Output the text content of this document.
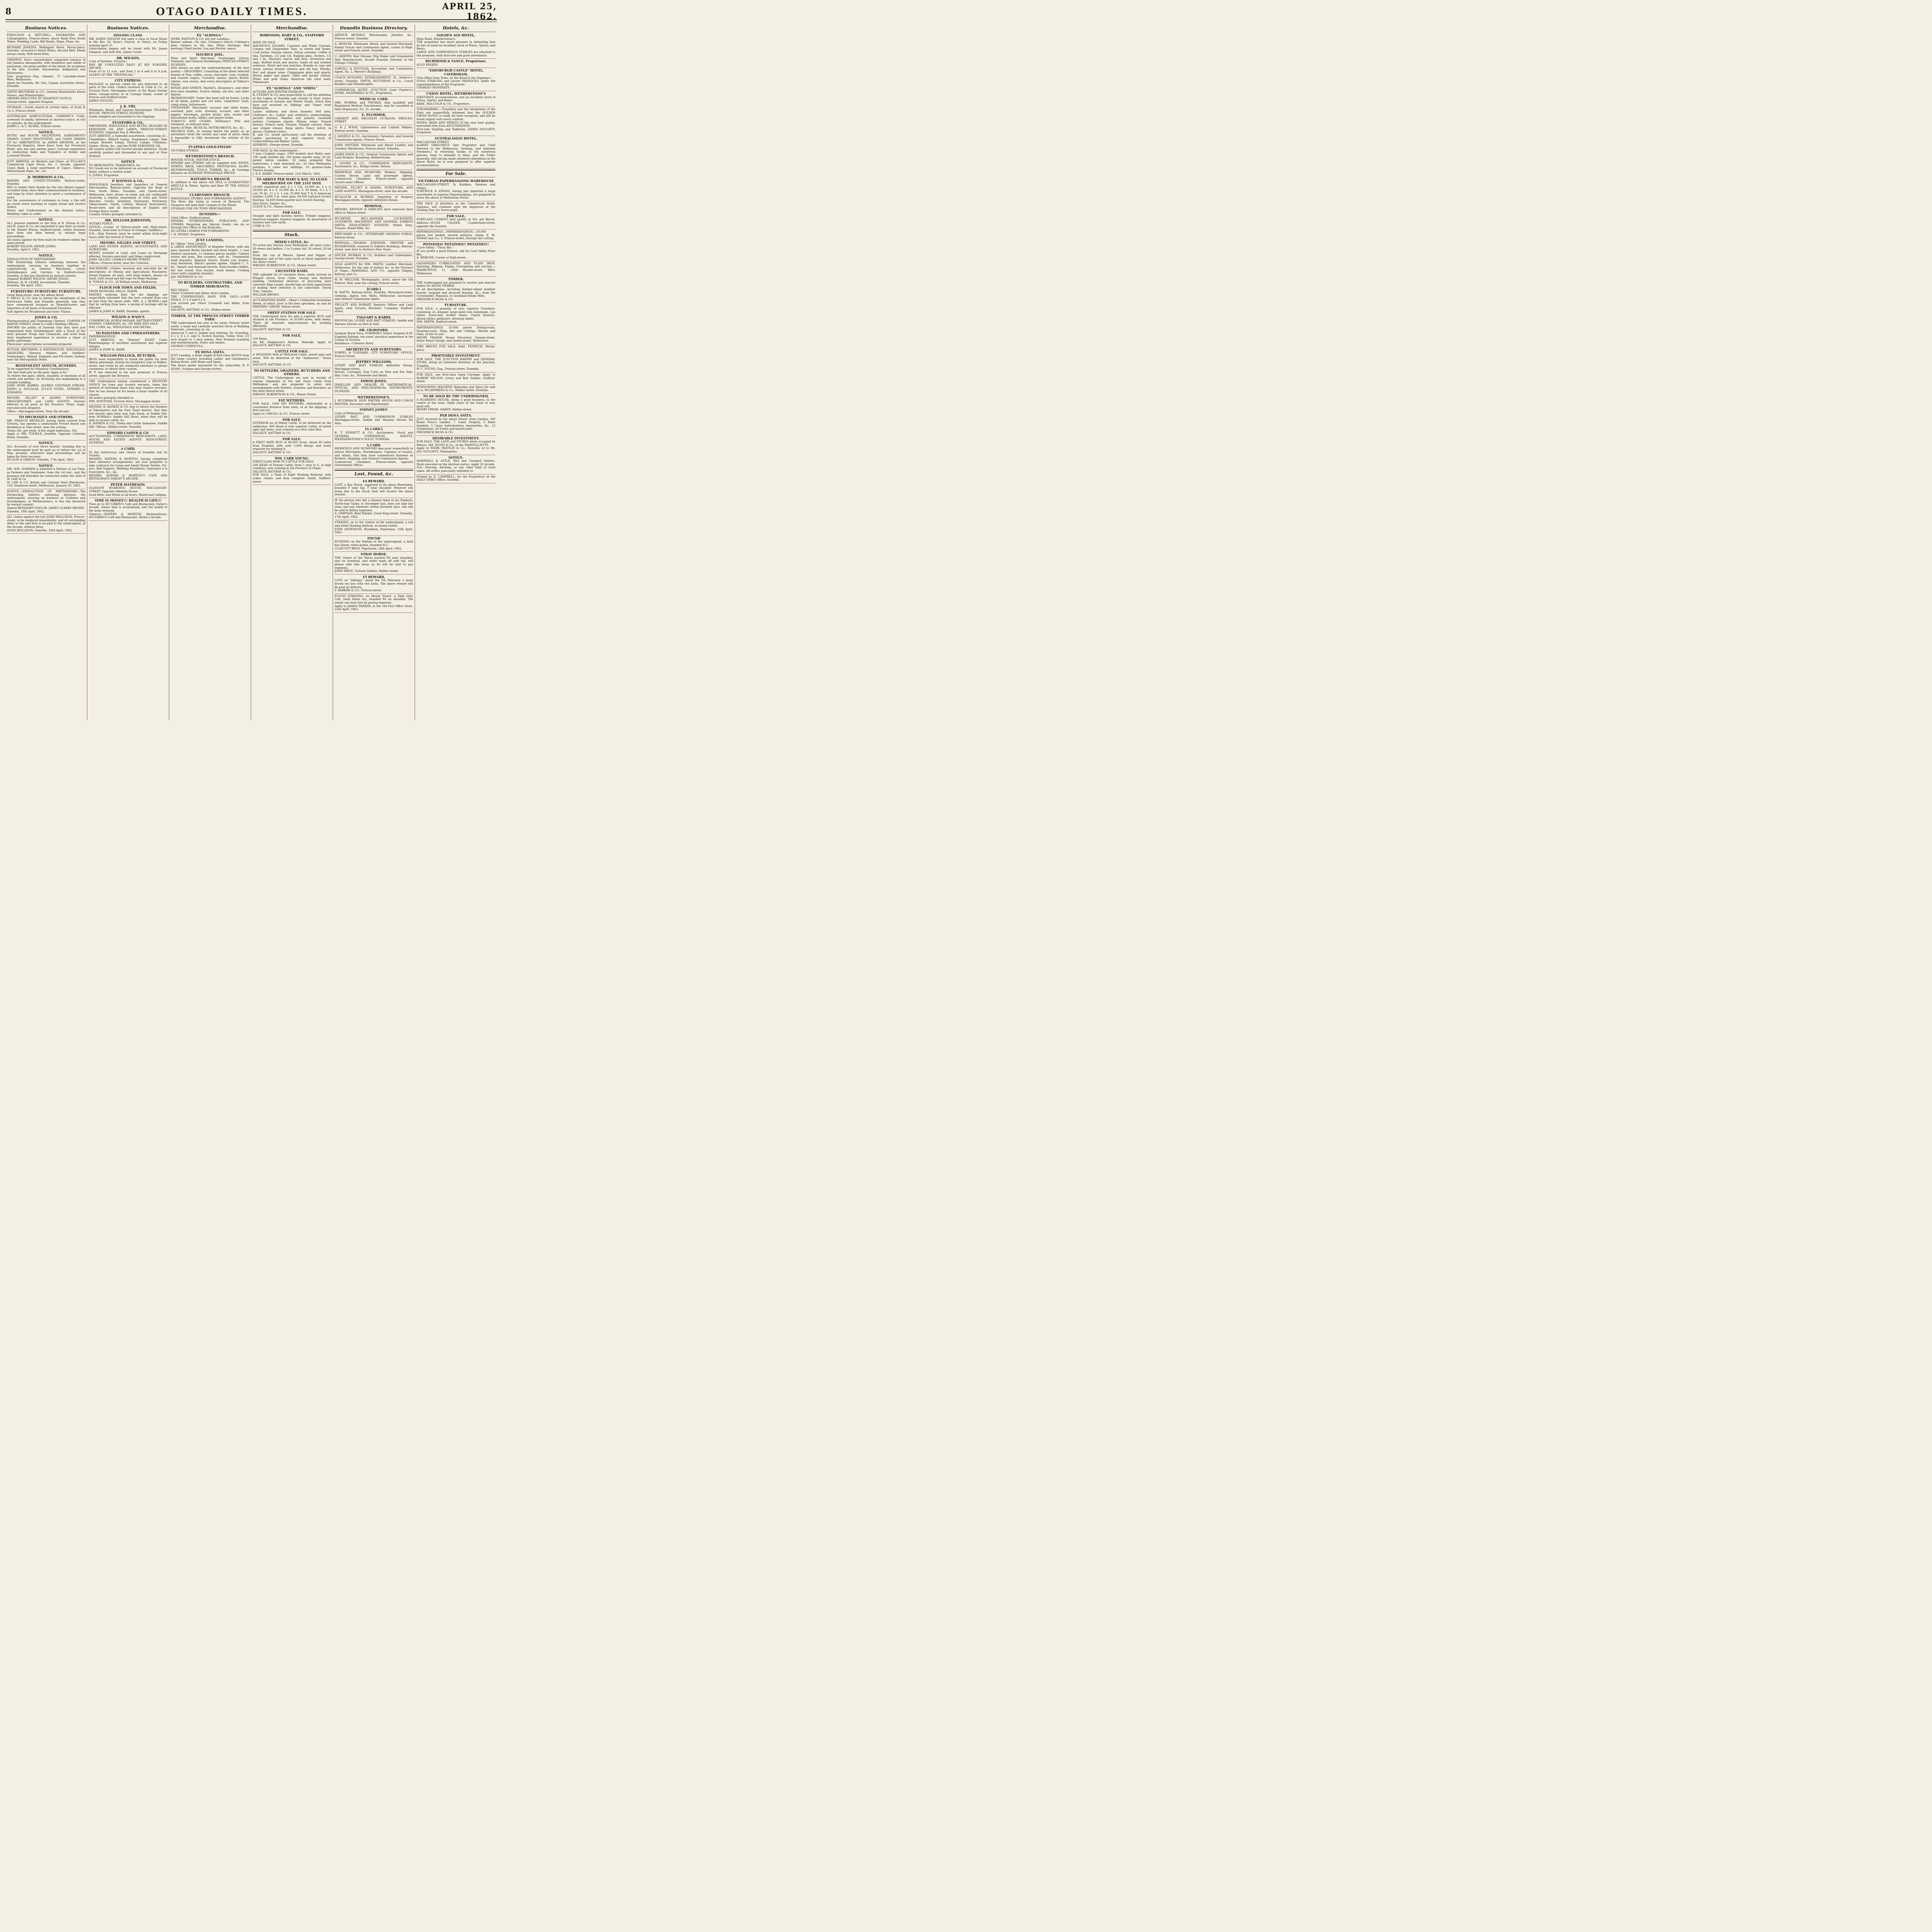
8	OTAGO DAILY TIMES.	APRIL 25, 1862.
Business Notices.

FERGUSON & MITCHELL, ENGRAVERS AND Lithographers, Princes-street, above Bank New South Wales. Wedding Cards, Bill Heads, Maps, Plans, &c.

RICHARD JENKINS, Wellington Hotel, Moray-place, Dunedin, Licensed to Retail Wines, Ale and Beer. Meals always ready. Well-aired Beds.

OBSERVE! Day's concentrated compound essence of red Jamaica sarsaparilla, with dandelion and iodide of potassium, the great purifier of the blood, for eruptions of the skin, scrofula, rheumatism, indigestion and biliousness.

Sole proprietor—Day, chemist, 27 Lonsdale-street West, Melbourne.

Agent for Dunedin, Mr. Geo. Caspar, Australian Stores, Dunedin.

SMITH BROTHERS & CO., General Blacksmiths Horse Shoers, and Wheelwrights.

ORDERS EXECUTED AT SHORTEST NOTICE.

George-street, opposite Hospital.

STORAGE.—Goods stored at current rates, at Scott & Co.'s, Princes-street.

AUSTRALIAN AGRICULTURAL COMPANY'S COAL, screened of smithy, delivered at shortest notice, in city or suburbs, by the undersigned.

JAMES L. & C. BURKE, Princes-street.

NOTICE.

HOTEL and HOUSE VALUATIONS, AGREEMENTS DRAWN, LOANS NEGOTIATED, and CASES DRAWN UP for ARBITRATION, by JAMES BROWNE, at the Provincial Registry, three doors from the Provincial Hotel, who has had sixteen years' Colonial experience in conducting Sales and Transfers of Hotels and Licensed Houses.

JUST ARRIVED, ex Western and Omeo, at FULLAN'S Commercial Cigar Divan, No. 1, Arcade, opposite Union Bank, a large assortment of Cigars, Tobacco, Meerschaum Pipes, &c., &c.

D. MORRISON & CO.,

BAKERS AND CONFECTIONERS, Rattray-street, Dunedin.

BEG to tender their thanks for the very liberal support accorded them since their commencement in business, and hope by strict attention to merit a continuance of same.

For the convenience of customers in town, a Van will go round every morning to supply bread and receive orders.

Pastry and Confectionery on the shortest notice. Wedding Cakes to order.

NOTICE.

ALL persons indebted to the firm of R. Wilson & Co. and H. Jones & Co. are requested to pay their accounts to Mr. Robert Wilson, Stafford-street, within fourteen days from this date hereof, to obviate legal proceedings.

All claims against the firm must be rendered within the same period.

ROBERT WILSON. HENRY JONES.

Dunedin, April 9, 1862.

NOTICE.

DISSOLUTION OF PARTNERSHIP.

THE Partnership hitherto subsisting between the undersigned, carrying on business together in copartnership as General Merchants, Livery Stablekeepers and Carriers, in Stafford-street, Dunedin, is this day dissolved by mutual consent.

(Signed) ROBERT WILSON. HENRY JONES.

Witness—R. H. LEARY, Accountant, Dunedin.

Dunedin, 9th April, 1862.

FURNITURE! FURNITURE! FURNITURE.

Great King-street, near the Albion Hotel.

F. KRULL & CO. beg to inform the inhabitants of the North-east Valley and Dunedin generally, that they have commenced business as Manufacturers and Importers of all kinds of Household Furniture.

Sole Agents for Broadwood and Sons' Pianos.

JONES & CO,

Pharmaceutical and Dispensing Chemist, CORNER OF MANSE-STREET, (Next to Cobb's Booking Offices).

INFORM the public of Dunedin that they have just replenished their Establishment with a Stock of the most genuine Drugs and Chemicals, and trust from their lengthened experience to receive a share of public patronage.

Physicians' prescriptions accurately prepared.

BUTLER, BROTHERS, & WHITEHOUSE, WHOLESALE SADDLERS, Harness Makers and Saddlers' Ironmongers. Walsall, England; and Flit-street, Sydney, near the Metropolitan Hotel.

BENEVOLENT ASYLUM, DUNEDIN.

To be supported by Voluntary Contributions.

"He that hath pity on the poor, lappy is he."

To relieve the aged, infirm, disabled, or destitute of all creeds and nations, by receiving and maintaining in a suitable building.

JOHN HYDE HARRIS. ALFRED CHETHAM STRODE. JAMES A. DOUGLAS. JULIUS VOGEL. EDWARD G. EDWARDS.

MESSRS. PILLIET & ADAMS, SURVEYORS, DRAUGHTSMEN, and LAND AGENTS. Surveys effected in all parts of the Province. Plans, maps, executed with despatch.

Office:—Maclaggan-street, Near the Arcade.

TO MECHANICS AND OTHERS.

MR. FRANCIS BROMLEY, having lately arrived from Victoria, has opened a comfortable Private Board and Residence in Vine-street, near the cutting.

Terms 30s. per week. A few single bedrooms, 35s.

Apply to MR. TOFIELD, Jeweller, Opposite Criterion Hotel, Dunedin.

NOTICE.

ALL Accounts of over three months' standing due to the undersigned must be paid on or before the 1st of May, proximo, otherwise legal proceedings will be taken for their recovery.

M'LEOD & GIBSON. Dunedin, 17th April, 1862.

NOTICE.

MR. WM. SOMNER is admitted a Partner of our Firm, as Farmers and Seedsmen, from the 1st inst., and the business will hereafter be conducted under the style of W. LAW & Co.

W. LAW & CO. British and Colonial Seed Warehouse, 158, Swanston-street, Melbourne. January 20, 1862.

NOTICE.—DISSOLUTION OF PARTNERSHIP.—The Partnership hitherto subsisting between the undersigned, carrying on business as Clothiers and Storekeepers, at Wetherstone's, is this day dissolved by mutual consent.

Signed BENJAMIN NAYLOR. JAMES CLARKE BROWN.

Dunedin, 18th April, 1862.

ALL claims against the late JOHN MOLLISON, Princes-street, to be rendered immediately; and all outstanding debts to the said firm to be paid to the undersigned, at the Arcade, without delay.

ANNE MOLLISON. Dunedin, 23rd April, 1862.

Business Notices.

SINGING CLASS.

MR. JAMES OSGOOD will open a class in Vocal Music in the Rev. Dr. Burn's Church, or Vestry, on Friday evening April 25.

Subscription papers will be found with Mr. James Simpson, and with Wm. James Currie.

DR. WILSON,

(Late of Kyneton, Victoria,)

MAY BE CONSULTED DAILY AT HIS SURGERY, ARCADE,

From 10 to 12 a.m., and from 2 to 4 and 6 to 8 p.m. SLEEPS AT THE "PROVINCIAL."

CITY EXPRESS.

BAGGAGE or parcels called for and delivered to all parts of the town. Orders received at Cobb & Co., at Victoria Store, Maclaggan-street; at the Royal George Hotel, George-street; or at Cartage Stand, corner of Princes and Stafford-street.

JAMES OSGOOD.

J. K. FRY,

Wholesale, Retail, and General Storekeeper, TELEPKA HOUSE, PRINCES STREET, DUNEDIN.

Goods weighed and forwarded to the Diggings.

STANFORD & CO.,

IMPORTERS, WHOLESALE AND RETAIL DEALERS IN KEROSENE OIL AND LAMPS, PRINCES-STREET, DUNEDIN, (Opposite Day & Mieville.)

JUST ARRIVED, a Splendid Assortment, consisting of—Chandeliers, Billiard Lamps, Suspension Lamps, Side Lamps, Bracket Lamps, Parlour Lamps; Chimneys, Globes, Wicks, &c.; and the PURE KEROSENE OIL.

All country orders will receive prompt attention. Goods carefully packed and forwarded to any part of New Zealand.

NOTICE

TO MERCHANTS, TRADESMEN, &c.

NO Goods are to be delivered on account of Provincial Hotel, without a written order.

S. JONES, Proprietor.

P. HAYMAN & CO.,

WHOLESALE Jewellers and Importers of General Merchandise, Rattray-street; Opposite the Bank of New South Wales, Dunedin; and Queen-street, Melbourne, have always on hand, and are continually receiving a regular assortment of Gold and Silver Watches, Clocks, Jewellery, Stationery, Perfumery, Tobacconists' Goods, Cutlery, Musical Instruments, Brush-ware, and all descriptions of English and Foreign Fancy Goods.

Country Orders promptly attended to.

MR. WILLIAM JOHNSTON,

NOTARY PUBLIC.

OFFICE:—Corner of Princes-street and High-street, Dunedin, (next door to Fraser & Granger, Saddlers.)

N.B.—Ship Protests must be noted within forty-eight hours after the Arrival of Vessel.

MESSRS. GILLIES AND STREET,

LAND AND ESTATE AGENTS, ACCOUNTANTS, AND SURVEYORS.

MONEY invested in Land, and Loans on Mortgage effected, Surveys executed, and Maps constructed.

JOHN GILLIES. CHARLES HENRY STREET.

Offices—Princes-street, near the Criterion.

MACHINERY.—Orders received and executed for all descriptions of Mining and Agricultural Machinery, Steam Engines, all sizes, with large boilers, always on hand, with round and flat rope for Rope Haulage.

R. TOWNS & CO., 26 William-street, Melbourne.

FLOUR FOR TOWN AND FIELDS,

FROM MOSSGIEL MILLS, TAIERI.

PARTIES ordering flour for the diggings are respectfully informed that the best colonial flour can be had from the above mills, (MR. A. J. BURNS,) and that by carting from here, a saving of carriage will be effected.

JAMES & JOHN H. BARR, Dunedin, agents.

WILSON & WAIN'S

COMMERCIAL HORSE BAZAAR, RATTRAY-STREET.

HORSES, CARRIAGES, &c. ON HIRE AND SALE.

HAY, CORN, &c. WHOLESALE AND RETAIL.

TO PAINTERS AND UPHOLSTERERS.

PAPERHANGINGS.

JUST ARRIVED, ex "Simoon" EIGHT Cases Paperhangings of excellent assortment and superior designs.

JAMES & JOHN H. BARR.

WILLIAM POLLOCK, BUTCHER,

BEGS most respectfully to thank the public for their liberal patronage, during his temporary stay in Walker-street, and trusts by his continued exertions to please customers, to obtain their custom.

W. P. has removed to his new premises in Princes street, opposite the Brewery.

THE Undersigned having commenced a REGISTRY OFFICE for town and country servants, takes this method of informing those who may require servants, that he has always on his books a large number of all classes.

All orders promptly attended to.

WM. M'INTOSH, Victoria Store, Maclaggan-street.

MESSRS. R. RANKIN & CO. beg to inform the Farmers of Tokomairiro and the East Taieri district, that they will shortly open their new Sale Yards, at Saddle Hill, near M'Millan's Saddle Hill Hotel, when they will be able to receive cattle, &c.

R. RANKIN & CO., Sheep and Cattle Salesmen, Saddle Hill. Offices—Walker-street, Dunedin.

EDWARD CASPER & CO.

AUCTIONEERS, COMMISSION MERCHANTS, LAND, HOUSE AND ESTATE AGENTS, HIGH-STREET, DUNEDIN.

A CARD.

To the Aristocracy and Gentry of Dunedin and its Vicinity.

MESSRS. WATERS & MORTON, having completed their extensive arrangements, are now prepared to take contracts for Large and Small Dinner Parties, Pic-nics, Ball Suppers, Wedding Breakfasts, Dejeuners a la Fourchette, &c., &c.

MESSRS. WATERS & MORTON'S CAFE AND RESTAURANT, FARLEY'S ARCADE.

PETER MATHESON,

GLASGOW BOARDING HOUSE, MACLAGGAN-STREET, Opposite Abbeleix House.

Good Beds, and Meals at all hours. Board and Lodging.

TIME IS MONEY!!! HEALTH IS LIFE!!!

Then go to M'CUBBIN'S Cafe and Restaurant, Farley's Arcade, where time is economised, and the health of the body restored.

Observe:—WATERS & MORTON, Restaurateurs, M'CUBBIN'S Cafe and Restaurant, Farley's Arcade.

Merchandise.

EX "ALDINGA."

WEBB, PANTLIN & CO. are just Landing—

Baines' salmon, 1lb. tins; Coleman's starch; Coleman's blue; Oysters in 1lb. tins; White Herrings; Red herrings; Pearl barley; Lea and Perrins' sauce.

MAURICE JOEL,

Wine and Spirit Merchant, Ironmonger, Grocer, Stationer, and General Storekeeper, PRINCES-STREET, DUNEDIN,

HAS always on sale the undermentioned, of the best quality:—GROCERIES. Consisting of the finest selected brands of Teas, coffee, cocoa, chocolate, Loaf, crushed, and counter sugars, Currants, raisins, spices, Butter, cheese, wax vestas, And every description of Oilmen's Stores.

WINES AND SPIRITS. Martell's, Hennessy's, and other first-class brandies, Scotch whisky, old tom, and other liquors.

IRONMONGERY. Under this head will be found—Locks of all kinds, patent and cut nails, carpenters' tools, camp ovens, hollowware.

STATIONERY. Merchants' account and other books, overland, post, note, drawing, account, and other papers; Envelopes, pocket books, also, novels and educational works, bibles, and prayer books.

TOBACCO AND CIGARS, Holloway's Pills and Ointment, at reduced rates.

Spirits of Wine. MUSICAL INSTRUMENTS, &c., &c.

MAURICE JOEL, in coming before the public as an advertiser—from the variety and value of stock—finds it impossible to fully enumerate the articles of his Stock.

TUAPEKA GOLD-FIELDS'

VICTORIA STORES.

WETHERSTONE'S BRANCH.

WINTER STOCK. WINTER STOCK.

MINERS and OTHERS will be supplied with WINES, SPIRITS, BEER, GROCERIES, PROVISIONS, SLOPS, IRONMONGERY, TOOLS, TIMBER, &c., At Carriage Advance on DUNEDIN WHOLESALE PRICES.

WAITAHUNA BRANCH

In addition to the above will SELL A GUARANTEED ARTICLE In Wines, Spirits and Beer BY THE SINGLE BOTTLE.

CLARENDON BRANCH.

WHOLESALE STORES AND FORWARDING AGENCY.

The River Bar being in course of Removal, The Steamers will land their Cargoes at the Wharf.

STORAGE FOR 500 TONS MERCHANDISE.

DUNEDIN:—

Chief Office, Stafford-street.

MINERS, STOREKEEPERS, PUBLICANS, AND OTHERS, Requiring any Special Goods, can do so through this Office or the Branches.

NO EXTRA CHARGE FOR FORWARDING

I. H. MOSES, Proprietor.

JUST LANDING,

Ex "Akbar," from London.

A LARGE ASSORTMENT of Register Stoves, with ash pans (ground Berlin blacked and bead bright). 1 case fenders (assorted), 12 chimney pieces (inside), Cabinet stoves and pans, Box scrapers, wall do., Ornamental shelf brackets, Register trivets, Patent cart bushes, long feathered, Black's garden spades, English C. S. do., Square and diamond shovels, Rust-wooden riddles, flat and round, Iron bucket, wash basins, Cooking stove (with complete utensils).

JAS. PATERSON & CO.

TO BUILDERS, CONTRACTORS, AND TIMBER MERCHANTS.

RED DEALS.

Oliver Cromwell and Akbar, from London.

THE UNDERSIGNED HAVE FOR SALE:—6,000 DEALS, 11 x 3 and 9 x 3,

Just arrived per Oliver Cromwell and Akbar, from London.

DALGETY, RATTRAY, & CO., Walker-street.

TIMBER, AT THE PRINCES STREET TIMBER YARD.

THE undersigned has now in his yards, Princes street south, a large and carefully assorted Stock of Building Materials, consisting of, viz.,

American T. and G. lumber and shelving. Do. Scantling, 4 x 2, 6 x 2, and G. Scotch flooring. Cedar, from 1/2 inch boards to 3 inch planks. New Zealand scantling and weatherboards. Doors and sashes.

GEORGE O'DRISCOLL.

EX DONA ANITA.

JUST Landing, a large supply of first-class BOOTS from the home country, including Ladies' and Gentlemen's Riding Boots, with Boxes and Spats.

The above goods warranted by the subscriber, R. P. ADAM, Octagon and George-streets.

Merchandise.

ROBINSON, HART & CO., STAFFORD STREET,

HAVE ON SALE,

MAURITIUS SUGARS, Counters and White Crystals, Congou and Gunpowder Teas, in chests and boxes; Cork butter, Dunlop cheese, Patras currants, Coffee in tins, Sardines, 1/2 and 1/4, English jams, Oysters, 1/2 and 1 lb., Mustard, starch, and blue, Arrowroot and sago, Bottled fruits and sauces, Salad oil and scented essences, Wood and wax matches, Brandy in case and wood, various brands; Geneva and old tom; Whisky; Port and ginger wine; Champagne pints and quarts; Brown paper and paper; Table and pocket cutlery; White and gold china; American tail clout nails; Platedware.

EX "ALDINGA" AND "OMEO."

AUTUMN AND WINTER FASHIONS.

B. UTEMPT & CO. beg respectfully to call the attention of the Ladies of Dunedin and vicinity to their choice assortment of Autumn and Winter Goods, which they have just received ex 'Aldinga' and 'Omeo' from Melbourne.

Ladies' millinery and straw bonnets; Felt hats; Children's do.; Ladies' and children's underclothing; Jaconet dresses; Mantles and jackets; Garibaldi jackets; Cashmere shawls; Winsey robes; French merino; French twill; Flannel, Flannel colours; Plain and striped winsey; Repp skirts; Fancy velvet, in pieces; Children's bows.

B. and Co. would particularly call the attention of Ladies purchasing to their superior stock of Underclothing and Babies' Linen.

ADDRESS—George-street, Dunedin.

FOR SALE, by the undersigned:—

5 tons Coalpots sugar; 1000 bushels best Baltic oats; 100 casks bottled ale; 100 boxes marble soap; 50 do. patent tallow candles; 20 bales prepared flax mattresses; 1 bale seasoned do.; 20 tons Wellington potatoes; 6 cases ten shillings; 10 quarter-casks Otard's brandy.

J. & E. BAIRD, Princes-street. 21st March, 1862.

TO ARRIVE PER MARY & RAY, TO LEAVE MELBOURNE ON THE 21ST INST.

10,000 superficial feet 4 x 1 1/4; 10,000 do. 4 x 3; 20,000 do. 4 x 3; 10,000 do. 4 x 3; 50 deals, 9 x 3, 1 cut; 50 do. 11 x 3, 1 cut; 55,000 feet T & G American lumber; 4,000 3 in. clear pine; 66,000 half-inch Scotch flooring; 54,000 three-quarter inch Scotch flooring.

Also Doors, Sashes, &c.

CLEVE & CO., Manse-street.

FOR SALE.

Draught and light harness horses; Freight waggons; American buggies; Express waggons; An assortment of harness and corn sacks.

COBB & CO.

Stock.

MIXED CATTLE, &c.

TO arrive per Yarrow, from Wellington—40 dairy cows; 30 steers and heifers, 1 to 3 years old; 30 calves; 20 fat pigs.

From the run of Messrs. Speed and Higgie, of Wanganui, and of the same stock as those imported in the above vessel.

WRIGHT, ROBERTSON, & CO., Manse-street.

LIECESTER RAMS.

THE splendid lot of Liecester Ewes, lately arrived ex Winged Arrow, from Clyde, having now finished lambing, Gentlemen desirous of procuring pure Liecester Ram Lambs, should take an early opportunity of making their selection to the subscriber, Totora Tree, Oamaru.

WILLIAM BROWN.

ACCLIMATISED RAMS.—Shaw's Celebrated Australian Breed, of which 'Jove' is the best specimen, on sale by FREDERIC GREER, Manse street.

SHEEP STATION FOR SALE.

THE Undersigned have for sale a superior RUN well situated in the Province, of 20,000 acres, with sheep. There all requisite improvements for working efficiently.

DALGETY, RATTRAY & CO.

FOR SALE,

100 Rams.

On Mr. Hopkinson's Station, Moeraki. Apply to DALGETY, RATTRAY & CO.

CATTLE FOR SALE.

A SPLENDID Mob of Well-bred Cattle, mixed ages and sexes. Will be delivered at the "Ashburton." Terms easy.

DALGETY, RATTRAY, & CO.

TO SETTLERS, GRAZIERS, BUTCHERS AND OTHERS.

CATTLE. The Undersigned are now in receipt of regular shipments of Fat and Store Cattle from Wellington, and are prepared to enter into arrangements with Settlers, Graziers, and Butchers, on the most liberal terms.

WRIGHT, ROBERTSON & CO., Manse Street.

FAT WETHERS.

FOR SALE, 1000 FAT WETHERS, deliverable at a convenient distance from town, or at the diggings. A first-rate lot.

Apply to CARGILL & CO., Princes street.

FOR SALE.

SUPERIOR lot of Mixed Cattle, to be delivered on the Ashburton. 800 Head of very superior Cattle, of mixed ages and sexes, now running on a first class Run.

DALGETY, RATTRAY & CO.

FOR SALE.

A FIRST RATE RUN of 40,000 Acres, about 60 miles from Dunedin, with over 5,000 Sheep; and every requisite for working it.

DALGETY, RATTRAY & CO.

WM. CARR YOUNG.

FIRST-CLASS MOB OF CATTLE FOR SALE.

200 HEAD of Female Cattle, from 1 year to 6, in high condition, now running in the Province of Otago.

DALGETY, RATTRAY & CO.

FOR SALE, a Team of Eight Working Bullocks, with yokes, chains, and dray complete. Smith, Stafford-street.

Dunedin Business Directory.

ARTHUR BEVERLY, Watchmaker, Jeweller, &c., Princes-street, Dunedin.

A. MERCER, Wholesale, Retail, and General Merchant, Family Grocer and Commission Agent, corner of High-street and Princes street, Dunedin.

C. GRIFFIN, Hair Dresser, Wig Maker and Ornamental Hair Manufacturer, Arcade Dunedin (Seventy of the Vintage Cutting).

CARGILL & DOUGLAS, Accountant and Commission Agent, No. 2, Mercer's Buildings.

COACH BUILDING ESTABLISHMENT, St. Andrew's-street, Dunedin. SMITH, HUTCHENS & Co., Coach Builders and Wheelwrights.

COMMERCIAL HOTEL, JUNCTION, (Late Charlie's.) HOME, WEATHERLY & CO., Proprietors.

MEDICAL CARD.

DRS. WORRAL and THOMAS, duly qualified and Registered Medical Practitioners, may be consulted at their Dispensary, No. 35, Arcade.

E. PLUMMER,

CHEMIST AND DRUGGIST OCTAGON, PRINCES-STREET.

G. & J. M'KAY, Upholsterers and Cabinet Makers, Rattray-street, Dunedin.

J. DANIELS & CO., Auctioneers, Valuators, and General Commission Agents, Princes Street.

JOHN SWITZER, Wholesale and Retail Leather and Grindery Warehouse, Princes-street, Dunedin.

JAMES KNOX & CO., General Commission Agents and Land Brokers. Broadway, Wetherstones.

J. LEVIEN & CO., COMMISSION MERCHANTS, Auctioneers, &c., Bridge-street, Nelson.

MERIFIELD AND MUMFORD, Brokers, Shipping, Custom House, Land and passenger Agents, Commercial Chambers, Princes-street, opposite Govern ment Offices.

MESSRS. PILLIET & ADAMS, SURVEYORS, AND LAND AGENTS, Maclaggan-street, near the Arcade.

M'CALLUM & MURRAY, Importers of Drapery, Maclaggan-street, opposite Abbeyleix House.

REMOVAL.

MESSRS. KENYON & RAWLINS have removed their office to Manse-street.

M'CARTHY, BELL-HANGER, LOCKSMITH, GUNSMITH, MACHINIST, AND GENERAL JOBBING SMITH, HIGH-STREET, DUNEDIN. Patent Keys, Trusses, Bread Mills, &c.

PRITCHARD & CO., VETERINARY SHOEING FORGE, Rattray-street.

REMOVAL.—THOMAS JOHNSON, PRINTER and BOOKBINDER, removed to Tofield's Buildings, Rattray-street, next door to Hutton's New Store.

SPICER, MURRAY, & CO., Builders and Undertakers, George-street, Dunedin.

SOLE AGENTS for WM. SMITH, Leather Merchant, Melbourne, for the sale of leather &c. in the Province of Otago.—MARSHALL AND CO., opposite Dalgety, Rattray, and Co.

W. M. MELUISH, Photographic Artist, above the Old Fellows' Hall, near the cutting, Princes-street.

[CARD.]

W. WATTS, Rattray-street, Dunedin; Moorabool-street, Geelong.—Agent, Geo. Watts, Melbourne: Auctioneer and General Commission Agent.

YBULETT AND BOBART, Registry Offices and Land Agent, next Victoria Butchers' Company, Stafford-street.

TAGGART & BARRY,

PROVINCIAL LIVERY AND BAIT STABLES. Saddle and Harness Horses on Hire & Sale.

DR. CRAWFORD,

Surgeon Royal Navy, FORMERLY Senior Surgeon H.M. Flagship Raleigh; ten years' practical experience in the Colony of Victoria.

Residence—Criterion Hotel.

ARCHITECTS AND SURVEYORS.

PORPEL & TOXWARD, CITY SURVEYORS' OFFICE, Princes Street.

JEFFREY WILLIAMS,

LIVERY AND BAIT STABLES Abbeyleix House, Maclaggan-street,

Horses, Carriages, Dog Carts on Hire and For Sale. Hay, Corn, &c., Wholesale and Retail.

EDWIN JONES,

JEWELLER AND DEALER IN MATHEMATICAL, OPTICAL, AND PHILOSOPHICAL INSTRUMENTS, DUNEDIN.

WETHERSTONE'S.

J. M'CORMACK, SIGN WRITER, HOUSE AND COACH PAINTER, Decorator and Paperhanger.

SYDNEY JAMES'

(Late of Melbourne,)

LIVERY, BAIT, AND COMMISSION STABLES Maclaggan-street. Saddle and Harness Horses for Hire.

[A CARD.]

R. T. DOSSETT & CO., Auctioneers, Stock and GENERAL COMMISSION AGENTS, WEATHERSTONE'S GULLY, TUAPEKA.

A CARD.

MERIFIELD AND MUMFORD beg most respectfully to inform Merchants, Storekeepers, Captains of vessels, and others, that they have commenced business as Brokers, Shipping, and General Commission Agents.

Commercial Chambers, Princes-street, opposite Government Offices.

Lost, Found, &c.

£4 REWARD.

LOST, a Bay Horse, supposed to be about Bluestakin, branded P near hip, T near shoulder. Whoever will bring him to the Stock Yard will receive the above reward.

IF the person who left a chesnut mare in my Paddock, North-east Valley, in December last, does not take her away and pay expenses within fourteen days, she will be sold to defray expenses.

A. SIMPSON, Beef Market, Great King-street. Dunedin, 17th April, 1862.

STRAYED, on to the station of the undersigned, a red and white Working Bullock, no brand visible.

JOHN ANDERSON, Wyndham, Popotunoa. 16th April, 1862.

FOUND

RUNNING on the Station of the undersigned, a dark bay Horse, white points, branded H.C.

CLAPCOTT BROS. Popotunoa, 14th April, 1862.

STRAY HORSE.

THE Owner of the Horse marked RS near shoulder, star on forehead, and white mark off side tail, will please take him away, as he will be sold to pay expenses.

JOHN PRICE. Victoria Stables, Walker-street.

£5 REWARD.

LOST, ex "Aldinga," about the 5th February, a large brown tea box with two locks. The above reward will be paid on delivery.

F. BARKER & CO., Princes-street.

FOUND STRAYING, on Mount Stuart, a Dark Grey Colt, (with halter on), branded FA on shoulder. The owner can have him by paying expenses.

Apply to JAMES PARKER, at the Old Post Office Store. 23rd April, 1862.

Hotels, &c.

GOLDEN AGE HOTEL,

Main Road, Weatherstone's.

THE proprietor has much pleasure in intimating that he has on hand an excellent stock of Wines, Spirits, and Beers.

LARGE AND COMMODIOUS STABLES are attached to the premises, with first-rate and good attendance.

RICHMOND & VANCE, Proprietors.

AULD REEKIE!

"EDINBURGH CASTLE" HOTEL, CAVERSHAM,

(Two Miles from Town, on the Road to the Diggings.)

GOOD STABLING and secure PADDOCKS, under the superintendence of the Proprietor.

CHARGES MODERATE.

UNION HOTEL, WETHERSTONE'S

FIRST-RATE accommodation, and an excellent stock of Wines, Spirits, and Beers.

BARE, MALCOLM & CO., Proprietors.

TOKOMAIRIRO.—Travellers and the inhabitants of the Plain are respectfully informed that the GOLDEN CROSS HOTEL is ready for their reception, and will be found replete with every comfort.

WINES, BEER AND SPIRITS Of the very best quality, warranted free from ADULTERATION.

First-rate Stabling and Paddocks. JAMES DOUGHTY, Proprietor.

AUSTRALASIAN HOTEL,

MACLAGGAN-STREET.

ALBERT GREGORIUS (late Proprietor and Chief Steward to the Melbourne, Geelong, and Adelaide Steamers,) in returning thanks to his numerous patrons, begs to intimate to them, and the Public generally, that having made extensive alterations in the above Hotel, he is now prepared to offer superior accommodation.

For Sale.

VICTORIAN PAPERHANGING WAREHOUSE

MACLAGGAN-STREET. To Builders, Painters and Others.

PORTWICK & ATKINS, having just imported a large assortment of superior Paperhangings, are prepared to serve the above at Melbourne Prices.

THE SALE of Jewellery at the Commercial Hotel, Upstairs, will continue until the departure of the Guiding Star, for Invercargill.

FOR SALE,

PORTLAND CEMENT, best quality at 30s. per Barrel. Address—HUGH CALDER, Cumberland-street, opposite the Foundry.

PAPERHANGINGS.—PAPERHANGINGS.—30,000 pieces just landed, several patterns, cheap. E. M. INMAN and Co., 3, Princes-street, through the cutting.

POTATOES! POTATOES!! POTATOES!!

"Cave Valley," "Flour Bin."

IF you prefer a good Potatoe, ask for Cave Valley Flour Bin.

A. MERCER, Corner of High-street.

GALVANIZED CORRUGATED AND PLAIN IRON, Spouting, Ridging, Piping, Corrugating and carving.—WARBURTON, 11, Little Bourke-street, West, Melbourne.

TIMBER.

THE Undersigned are prepared to receive and execute orders for KAURI TIMBER,

Of all descriptions, including feather-edged weather boards, tongued and grooved flooring, &c., from the Coromandel, Mananui, or Auckland Steam Mills.

FREDERICK MOSS & CO.

FURNITURE.

FOR SALE, a quantity of very superior Furniture, consisting of—Elegant large-sized iron bedsteads, Loo tables, horse-hair stuffed chairs, Chests drawers, dining tables, palliasses, dressing tables.

WM. SMITH, Stafford-street.

PAPERHANGINGS. 10,000 pieces Dining-room, Drawing-room, Shop, Bar and Ceilings, Marble and Oaks, in lots to suit.

HENRY FRASER, House Decorator, George-street, below Royal George, and Queen-street, Melbourne.

FIRE BRICKS FOR SALE. Robt. FENWICK, Moray-place.

PROFITABLE INVESTMENT.

FOR SALE, THE JUNCTION BAKERY and GENERAL STORE, doing an extensive Business at the Junction, Tuapeka.

W. C. YOUNG, Esq., Princes-street, Dunedin.

FOR SALE, one first-class Open Carriage. Apply to ROBERT WILSON, Livery and Bait Stables, Stafford-street.

WINNOWING MACHINE (Ransome and Sims) for sale by A. M'LANDRESS & Co., Walker-street, Dunedin.

TO BE SOLD BY THE UNDERSIGNED,

A BOARDING HOUSE, doing a good business, in the centre of the town. Eight years of the lease to run; good will.

HENRY FREDK. HARDY, Walker-street.

PER DONA ANITA.

JUST received by the above Vessel, from London, 200 Boxes Price's candles, 7 Cases Drapery, 3 Bales blankets, 2 Cases haberdashery, bassinettes, &c., 12 Grindstones, 40 Dozen galvanized pails.

FREDERICK MOSS & CO.

DESIRABLE INVESTMENT.

FOR SALE, THE LAND and STORES lately occupied by Messrs. JAS. WOOD & Co., at the WAIHOLA JETTY.

Apply to WEBB, PANTLIN & Co., Dunedin; or to Mr. JAS. DOUGHTY, Tokomairiro.

NOTICE.

MARSHALL & ASTLE, Well and Cesspool Sinkers. Work executed on the shortest notice. Apply 20 Arcade.

N.B.—Fencing, ditching, or any other kind of work taken. All orders punctually attended to.

Printed by D. CAMPBELL, for the Proprietors at the DAILY TIMES Office, Dunedin.
